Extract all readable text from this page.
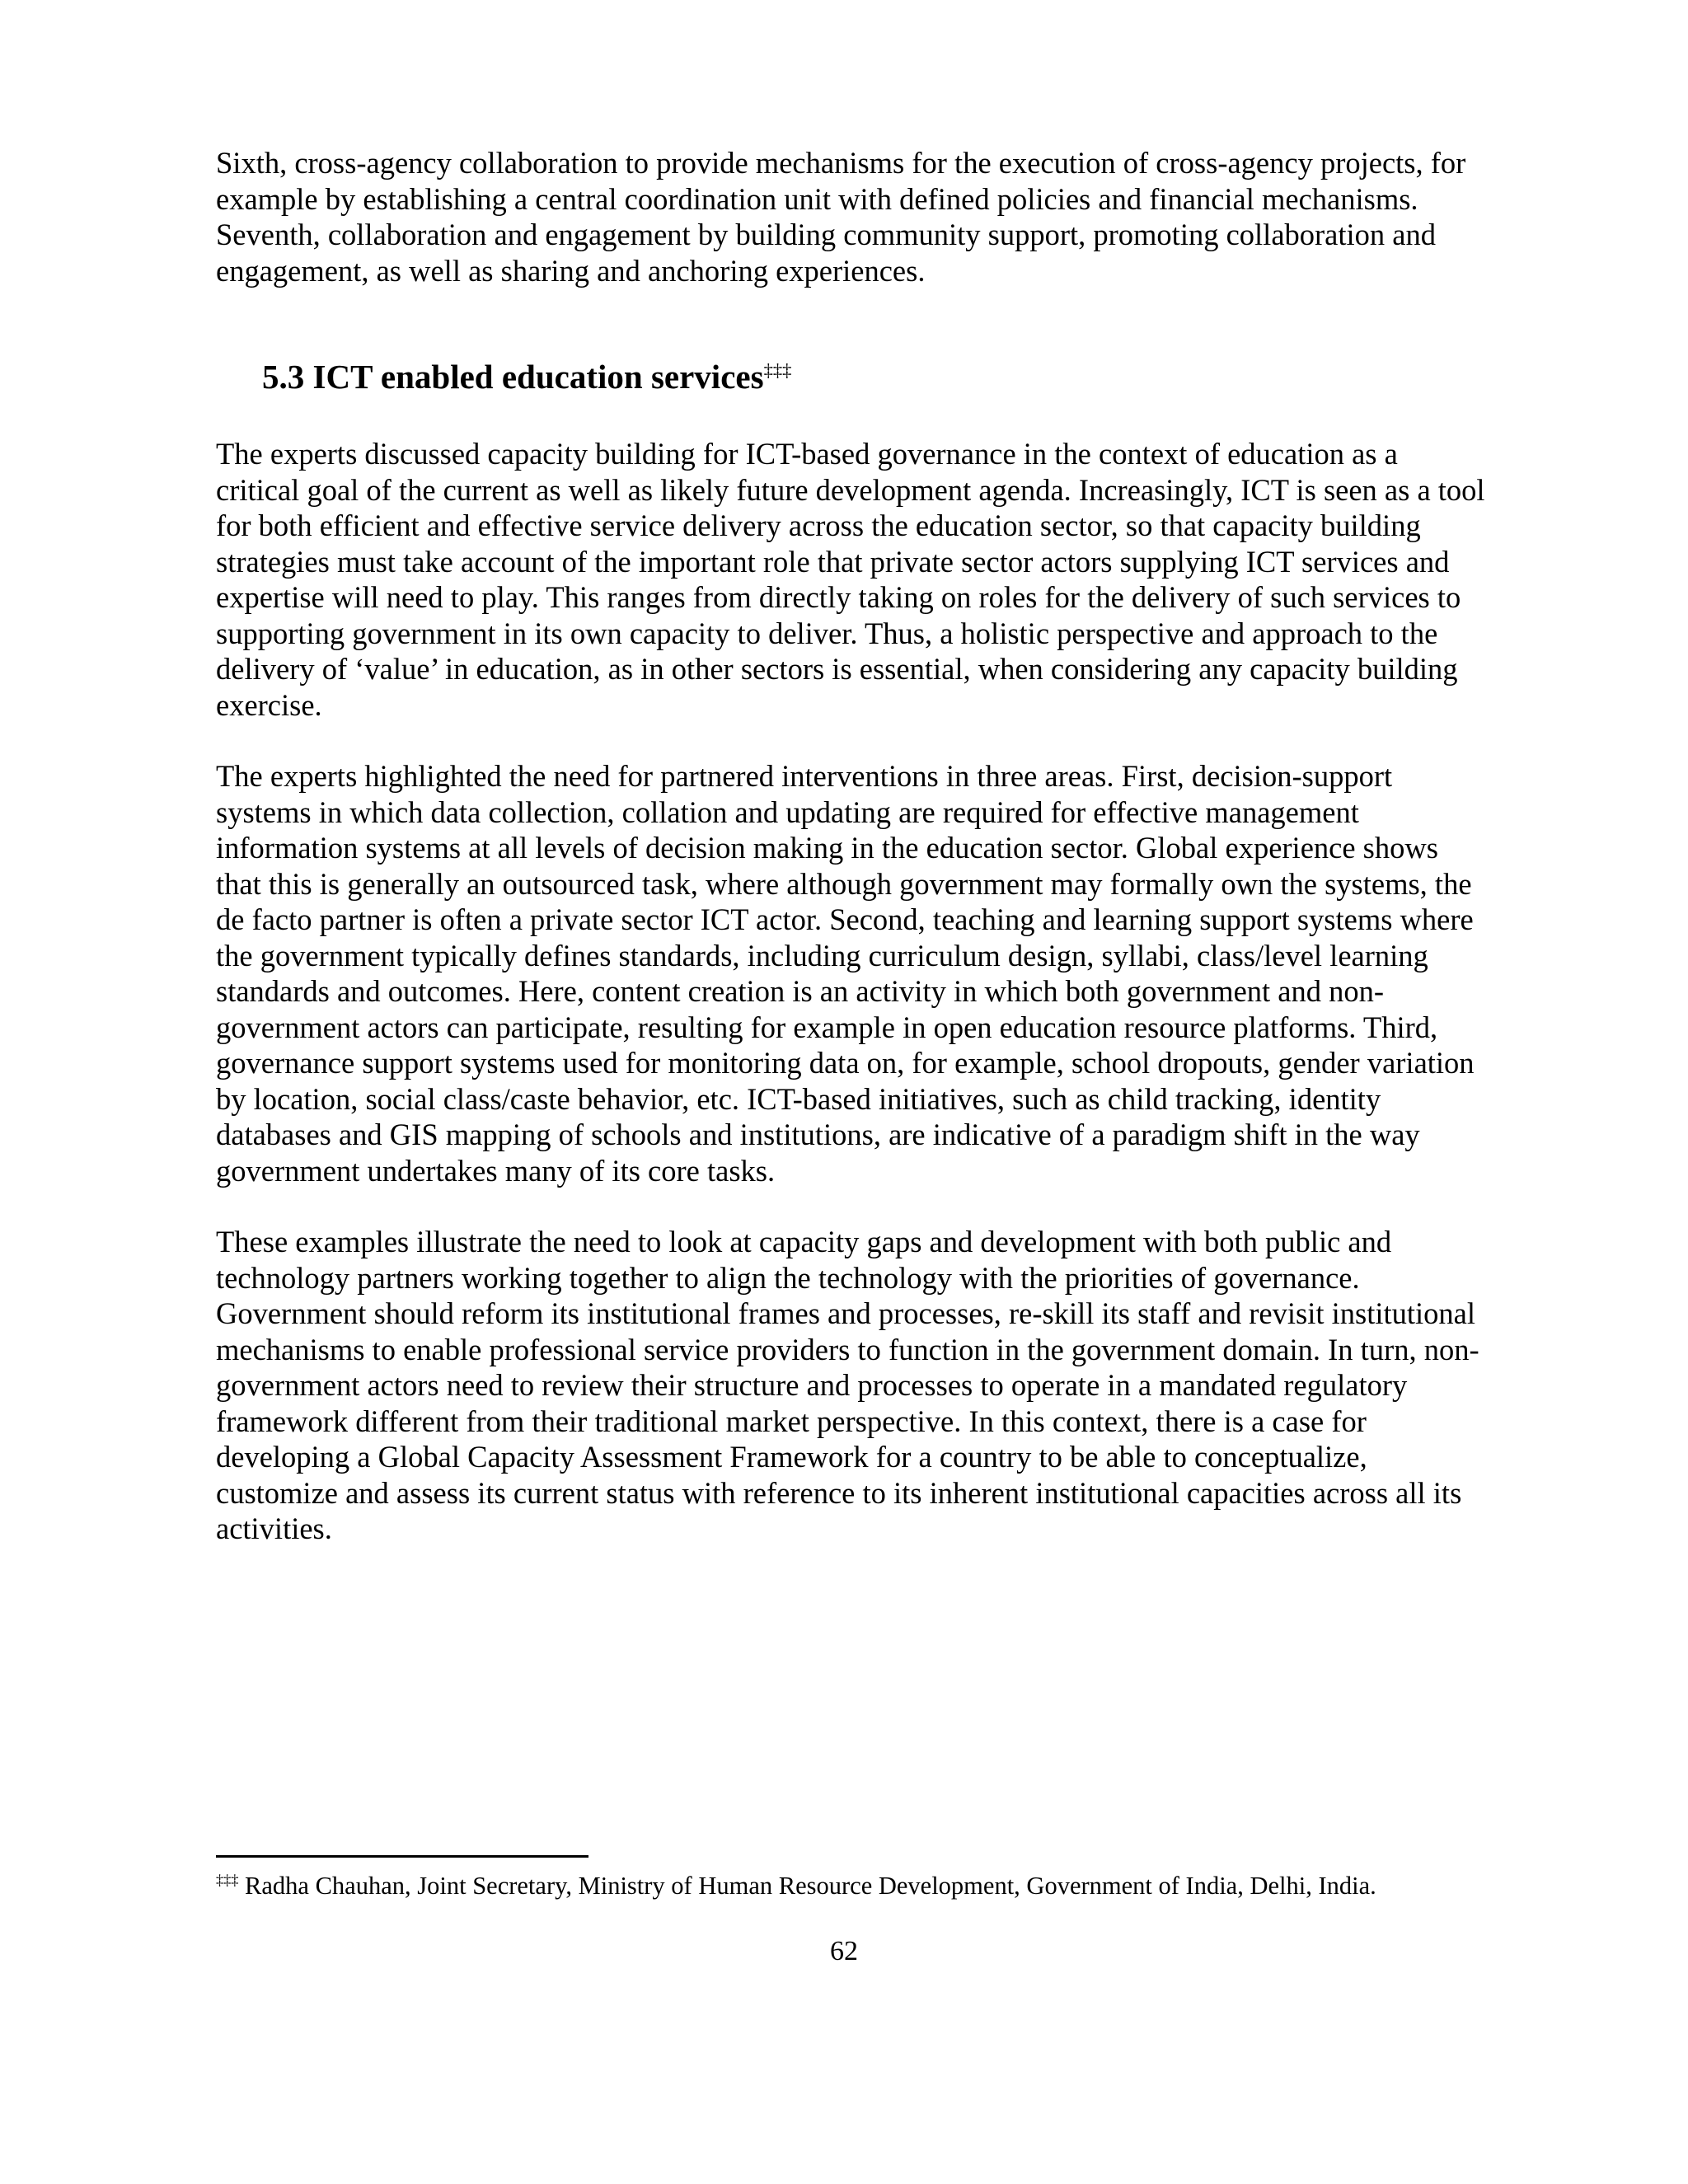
Sixth, cross-agency collaboration to provide mechanisms for the execution of cross-agency projects, for example by establishing a central coordination unit with defined policies and financial mechanisms. Seventh, collaboration and engagement by building community support, promoting collaboration and engagement, as well as sharing and anchoring experiences.

5.3 ICT enabled education services‡‡‡

The experts discussed capacity building for ICT-based governance in the context of education as a critical goal of the current as well as likely future development agenda. Increasingly, ICT is seen as a tool for both efficient and effective service delivery across the education sector, so that capacity building strategies must take account of the important role that private sector actors supplying ICT services and expertise will need to play. This ranges from directly taking on roles for the delivery of such services to supporting government in its own capacity to deliver. Thus, a holistic perspective and approach to the delivery of ‘value’ in education, as in other sectors is essential, when considering any capacity building exercise.

The experts highlighted the need for partnered interventions in three areas. First, decision-support systems in which data collection, collation and updating are required for effective management information systems at all levels of decision making in the education sector. Global experience shows that this is generally an outsourced task, where although government may formally own the systems, the de facto partner is often a private sector ICT actor. Second, teaching and learning support systems where the government typically defines standards, including curriculum design, syllabi, class/level learning standards and outcomes. Here, content creation is an activity in which both government and non-government actors can participate, resulting for example in open education resource platforms. Third, governance support systems used for monitoring data on, for example, school dropouts, gender variation by location, social class/caste behavior, etc. ICT-based initiatives, such as child tracking, identity databases and GIS mapping of schools and institutions, are indicative of a paradigm shift in the way government undertakes many of its core tasks.

These examples illustrate the need to look at capacity gaps and development with both public and technology partners working together to align the technology with the priorities of governance. Government should reform its institutional frames and processes, re-skill its staff and revisit institutional mechanisms to enable professional service providers to function in the government domain. In turn, non-government actors need to review their structure and processes to operate in a mandated regulatory framework different from their traditional market perspective. In this context, there is a case for developing a Global Capacity Assessment Framework for a country to be able to conceptualize, customize and assess its current status with reference to its inherent institutional capacities across all its activities.

‡‡‡ Radha Chauhan, Joint Secretary, Ministry of Human Resource Development, Government of India, Delhi, India.

62
